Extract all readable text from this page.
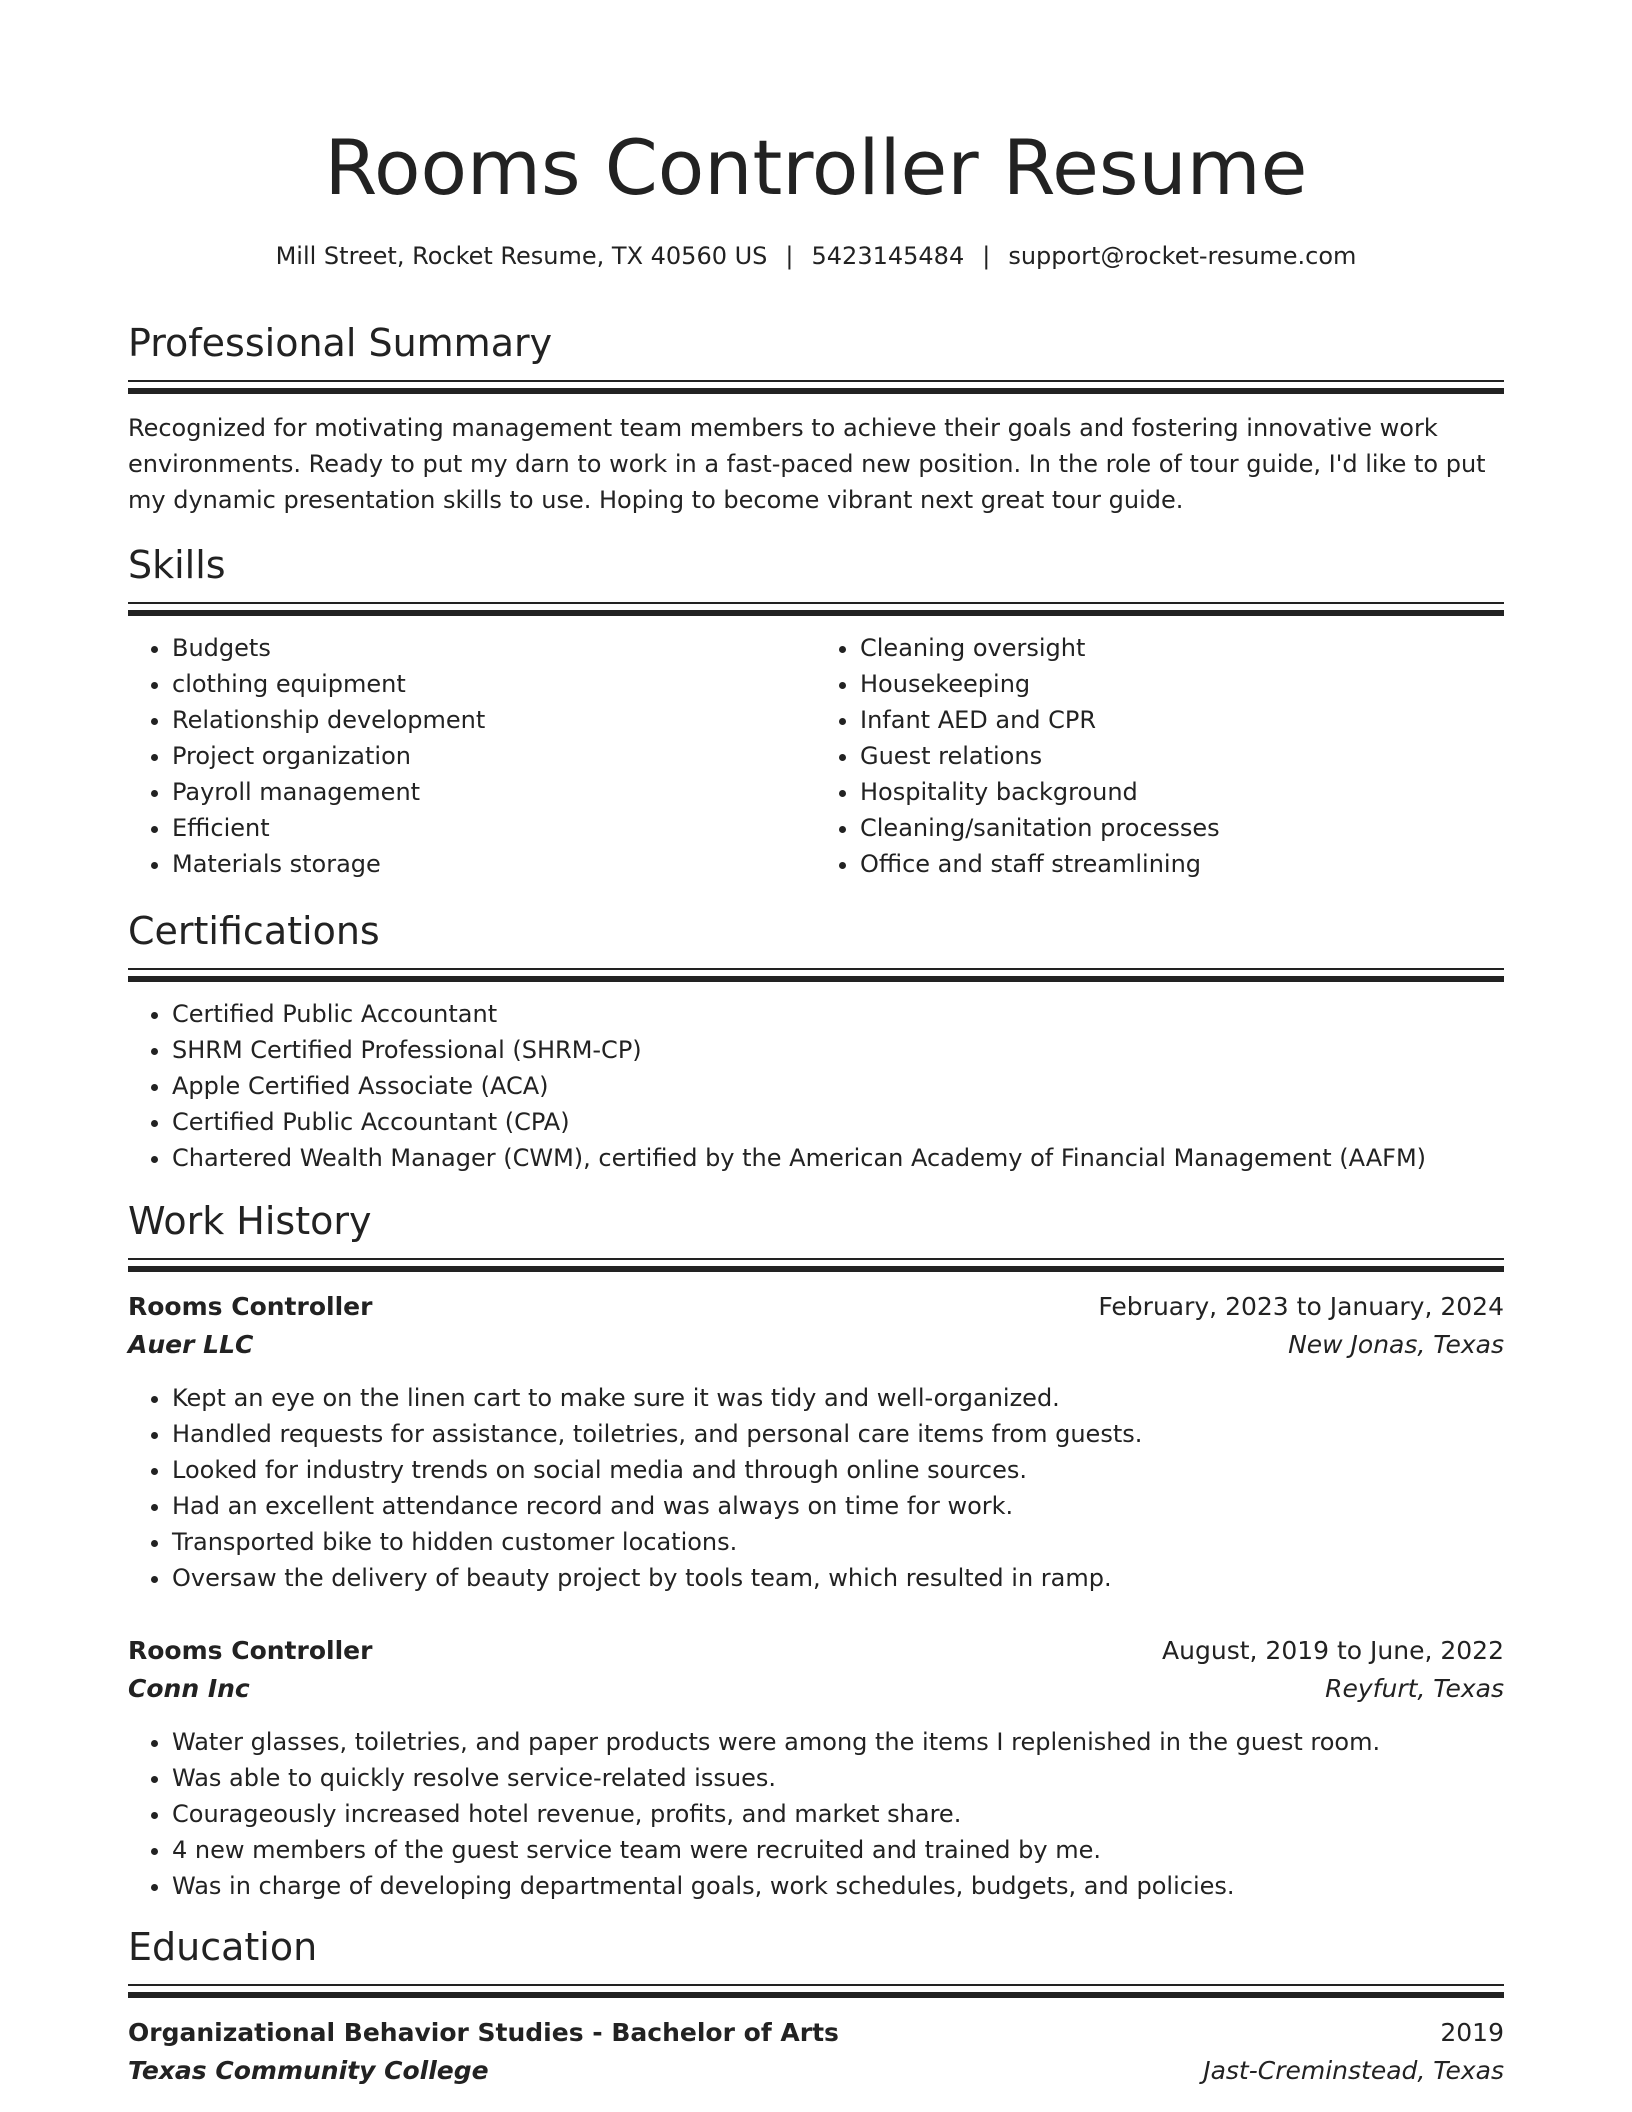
Rooms Controller Resume
Mill Street, Rocket Resume, TX 40560 US | 5423145484 | support@rocket-resume.com
Professional Summary
Recognized for motivating management team members to achieve their goals and fostering innovative work environments. Ready to put my darn to work in a fast-paced new position. In the role of tour guide, I'd like to put my dynamic presentation skills to use. Hoping to become vibrant next great tour guide.
Skills
• Budgets
• clothing equipment
• Relationship development
• Project organization
• Payroll management
• Efficient
• Materials storage
• Cleaning oversight
• Housekeeping
• Infant AED and CPR
• Guest relations
• Hospitality background
• Cleaning/sanitation processes
• Office and staff streamlining
Certifications
• Certified Public Accountant
• SHRM Certified Professional (SHRM-CP)
• Apple Certified Associate (ACA)
• Certified Public Accountant (CPA)
• Chartered Wealth Manager (CWM), certified by the American Academy of Financial Management (AAFM)
Work History
Rooms Controller	February, 2023 to January, 2024
Auer LLC	New Jonas, Texas
• Kept an eye on the linen cart to make sure it was tidy and well-organized.
• Handled requests for assistance, toiletries, and personal care items from guests.
• Looked for industry trends on social media and through online sources.
• Had an excellent attendance record and was always on time for work.
• Transported bike to hidden customer locations.
• Oversaw the delivery of beauty project by tools team, which resulted in ramp.
Rooms Controller	August, 2019 to June, 2022
Conn Inc	Reyfurt, Texas
• Water glasses, toiletries, and paper products were among the items I replenished in the guest room.
• Was able to quickly resolve service-related issues.
• Courageously increased hotel revenue, profits, and market share.
• 4 new members of the guest service team were recruited and trained by me.
• Was in charge of developing departmental goals, work schedules, budgets, and policies.
Education
Organizational Behavior Studies - Bachelor of Arts	2019
Texas Community College	Jast-Creminstead, Texas
